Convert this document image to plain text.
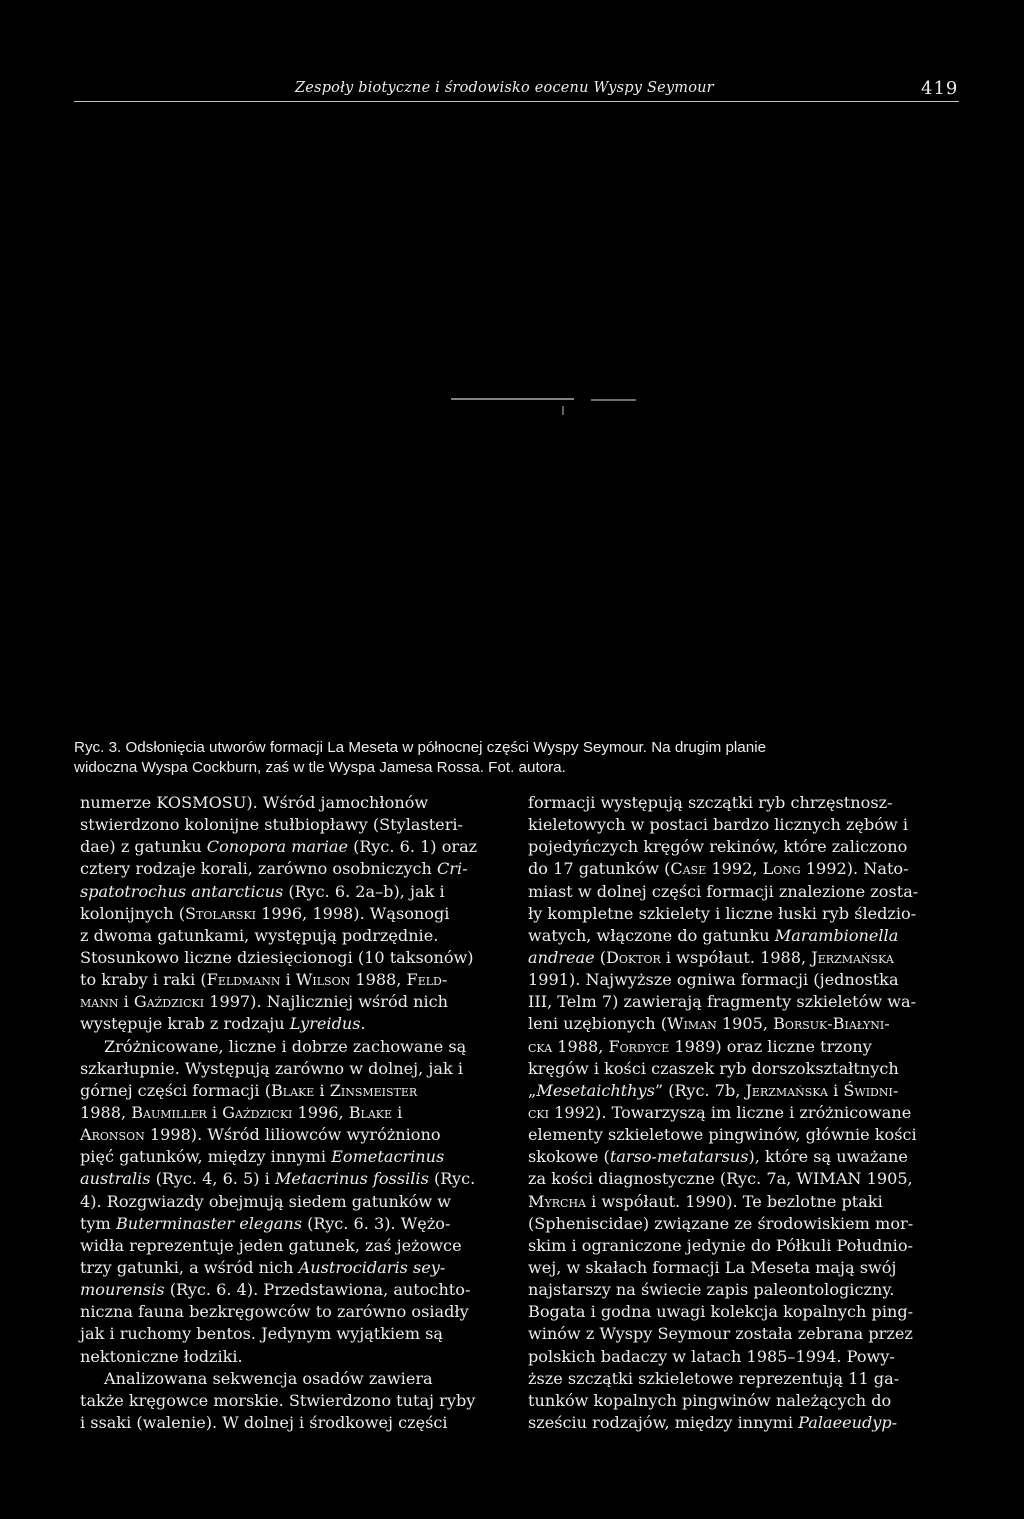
Zespoły biotyczne i środowisko eocenu Wyspy Seymour	419
Ryc. 3. Odsłonięcia utworów formacji La Meseta w północnej części Wyspy Seymour. Na drugim planie
widoczna Wyspa Cockburn, zaś w tle Wyspa Jamesa Rossa. Fot. autora.
numerze KOSMOSU). Wśród jamochłonów
stwierdzono kolonijne stułbiopławy (Stylasteri-
dae) z gatunku Conopora mariae (Ryc. 6. 1) oraz
cztery rodzaje korali, zarówno osobniczych Cri-
spatotrochus antarcticus (Ryc. 6. 2a–b), jak i
kolonijnych (Stolarski 1996, 1998). Wąsonogi
z dwoma gatunkami, występują podrzędnie.
Stosunkowo liczne dziesięcionogi (10 taksonów)
to kraby i raki (Feldmann i Wilson 1988, Feld-
mann i Gaździcki 1997). Najliczniej wśród nich
występuje krab z rodzaju Lyreidus.
Zróżnicowane, liczne i dobrze zachowane są
szkarłupnie. Występują zarówno w dolnej, jak i
górnej części formacji (Blake i Zinsmeister
1988, Baumiller i Gaździcki 1996, Blake i
Aronson 1998). Wśród liliowców wyróżniono
pięć gatunków, między innymi Eometacrinus
australis (Ryc. 4, 6. 5) i Metacrinus fossilis (Ryc.
4). Rozgwiazdy obejmują siedem gatunków w
tym Buterminaster elegans (Ryc. 6. 3). Wężo-
widła reprezentuje jeden gatunek, zaś jeżowce
trzy gatunki, a wśród nich Austrocidaris sey-
mourensis (Ryc. 6. 4). Przedstawiona, autochto-
niczna fauna bezkręgowców to zarówno osiadły
jak i ruchomy bentos. Jedynym wyjątkiem są
nektoniczne łodziki.
Analizowana sekwencja osadów zawiera
także kręgowce morskie. Stwierdzono tutaj ryby
i ssaki (walenie). W dolnej i środkowej części
formacji występują szczątki ryb chrzęstnosz-
kieletowych w postaci bardzo licznych zębów i
pojedyńczych kręgów rekinów, które zaliczono
do 17 gatunków (Case 1992, Long 1992). Nato-
miast w dolnej części formacji znalezione zosta-
ły kompletne szkielety i liczne łuski ryb śledzio-
watych, włączone do gatunku Marambionella
andreae (Doktor i współaut. 1988, Jerzmańska
1991). Najwyższe ogniwa formacji (jednostka
III, Telm 7) zawierają fragmenty szkieletów wa-
leni uzębionych (Wiman 1905, Borsuk-Białyni-
cka 1988, Fordyce 1989) oraz liczne trzony
kręgów i kości czaszek ryb dorszokształtnych
„Mesetaichthys” (Ryc. 7b, Jerzmańska i Świdni-
cki 1992). Towarzyszą im liczne i zróżnicowane
elementy szkieletowe pingwinów, głównie kości
skokowe (tarso-metatarsus), które są uważane
za kości diagnostyczne (Ryc. 7a, WIMAN 1905,
Myrcha i współaut. 1990). Te bezlotne ptaki
(Spheniscidae) związane ze środowiskiem mor-
skim i ograniczone jedynie do Półkuli Południo-
wej, w skałach formacji La Meseta mają swój
najstarszy na świecie zapis paleontologiczny.
Bogata i godna uwagi kolekcja kopalnych ping-
winów z Wyspy Seymour została zebrana przez
polskich badaczy w latach 1985–1994. Powy-
ższe szczątki szkieletowe reprezentują 11 ga-
tunków kopalnych pingwinów należących do
sześciu rodzajów, między innymi Palaeeudyp-
